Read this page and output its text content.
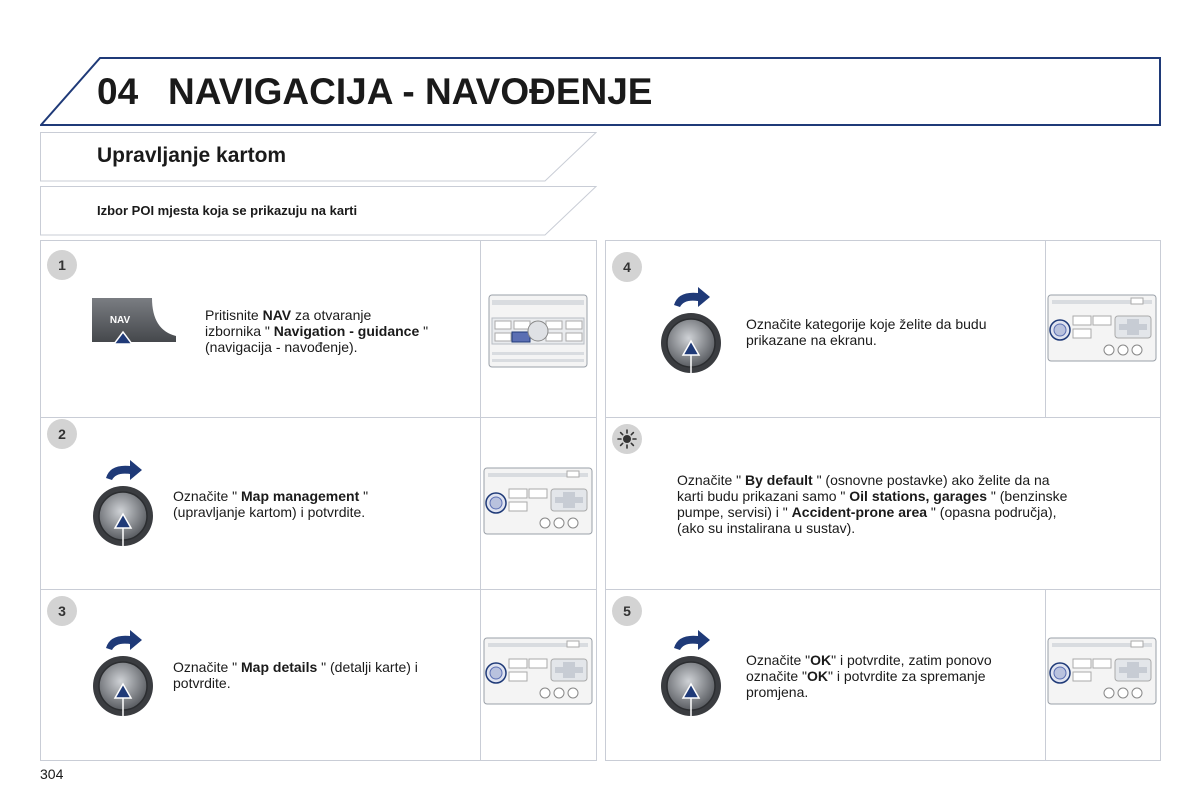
04 NAVIGACIJA - NAVOĐENJE
Upravljanje kartom
Izbor POI mjesta koja se prikazuju na karti
1
2
3
4
5
NAV	Pritisnite NAV za otvaranje
izbornika " Navigation - guidance "
(navigacija - navođenje).
Označite " Map management "
(upravljanje kartom) i potvrdite.
Označite " Map details " (detalji karte) i
potvrdite.
Označite kategorije koje želite da budu
prikazane na ekranu.
Označite " By default " (osnovne postavke) ako želite da na
karti budu prikazani samo " Oil stations, garages " (benzinske
pumpe, servisi) i " Accident-prone area " (opasna područja),
(ako su instalirana u sustav).
Označite "OK" i potvrdite, zatim ponovo
označite "OK" i potvrdite za spremanje
promjena.
304
